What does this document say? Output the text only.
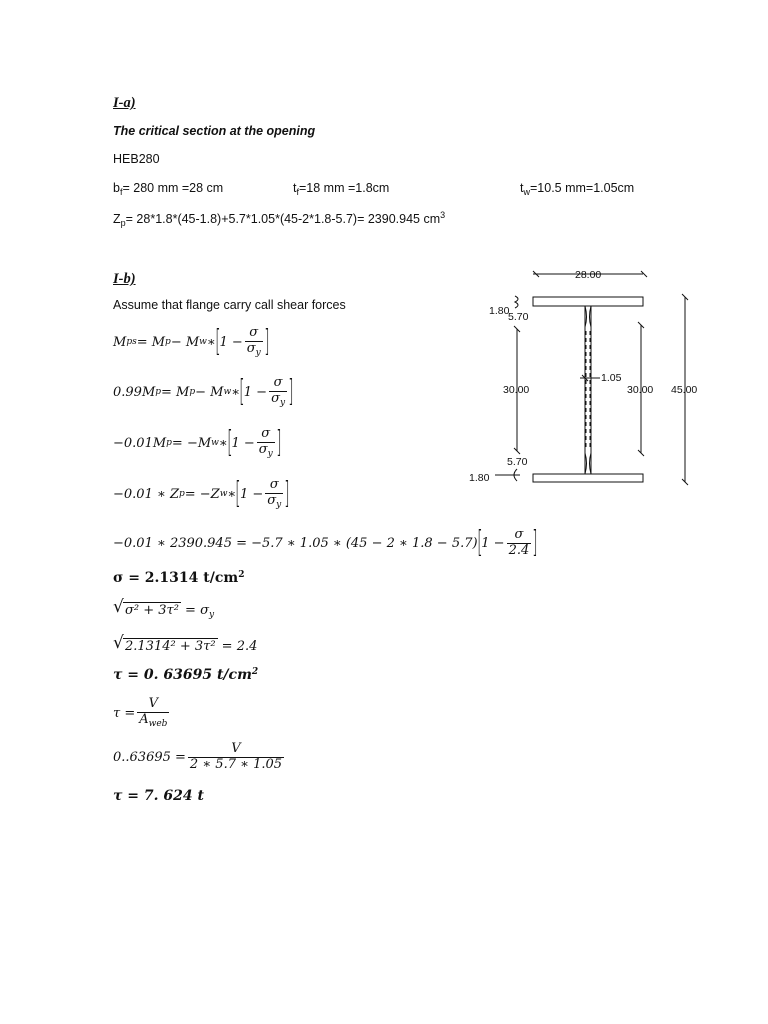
I-a)
The critical section at the opening
HEB280
$b_f= 280$ mm =28 cm	$t_f=18$ mm =1.8cm	$t_w=10.5$ mm=1.05cm
$Z_p= 28*1.8*(45-1.8)+5.7*1.05*(45-2*1.8-5.7)= 2390.945$ $cm^3$
I-b)
Assume that flange carry call shear forces
M ps = M p − M w ∗ [ $1 - \frac{\sigma}{\sigma_y}$ ]
0.99M p = M p − M w ∗ [ $1 - \frac{\sigma}{\sigma_y}$ ]
−0.01M p = −M w ∗ [ $1 - \frac{\sigma}{\sigma_y}$ ]
−0.01 ∗ Z p = −Z w ∗ [ $1 - \frac{\sigma}{\sigma_y}$ ]
−0.01 ∗ 2390.945 = −5.7 ∗ 1.05 ∗ (45 − 2 ∗ 1.8 − 5.7) [ $1 - \frac{\sigma}{2.4}$ ]
σ = 2.1314 $t/cm^2$
√ $\sigma^2 + 3\tau^2 = \sigma_y$
√ 2.1314² + 3τ² = 2.4
τ = 0. 63695 $t/cm^2$
$\tau = \frac{V}{A_{web}}$
$0..63695 = \frac{V}{2 ∗ 5.7 ∗ 1.05}$
τ = 7. 624 t
28.00
1.80
5.70
30.00
5.70
1.80
1.05
30.00 45.00
